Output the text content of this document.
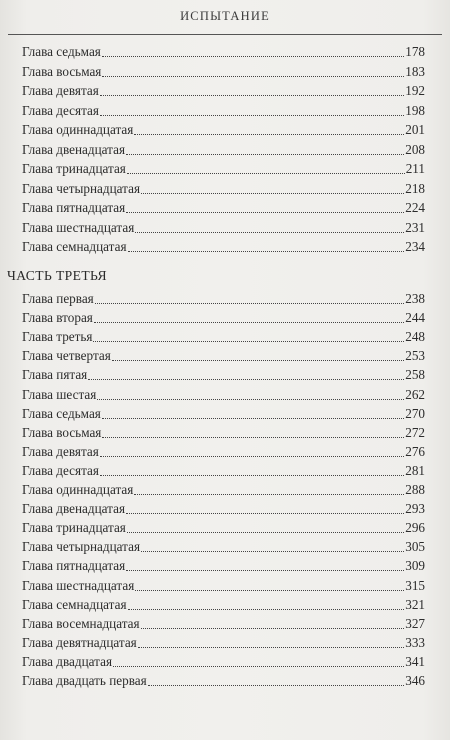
ИСПЫТАНИЕ
Глава седьмая	178
Глава восьмая	183
Глава девятая	192
Глава десятая	198
Глава одиннадцатая	201
Глава двенадцатая	208
Глава тринадцатая	211
Глава четырнадцатая	218
Глава пятнадцатая	224
Глава шестнадцатая	231
Глава семнадцатая	234
ЧАСТЬ ТРЕТЬЯ
Глава первая	238
Глава вторая	244
Глава третья	248
Глава четвертая	253
Глава пятая	258
Глава шестая	262
Глава седьмая	270
Глава восьмая	272
Глава девятая	276
Глава десятая	281
Глава одиннадцатая	288
Глава двенадцатая	293
Глава тринадцатая	296
Глава четырнадцатая	305
Глава пятнадцатая	309
Глава шестнадцатая	315
Глава семнадцатая	321
Глава восемнадцатая	327
Глава девятнадцатая	333
Глава двадцатая	341
Глава двадцать первая	346
